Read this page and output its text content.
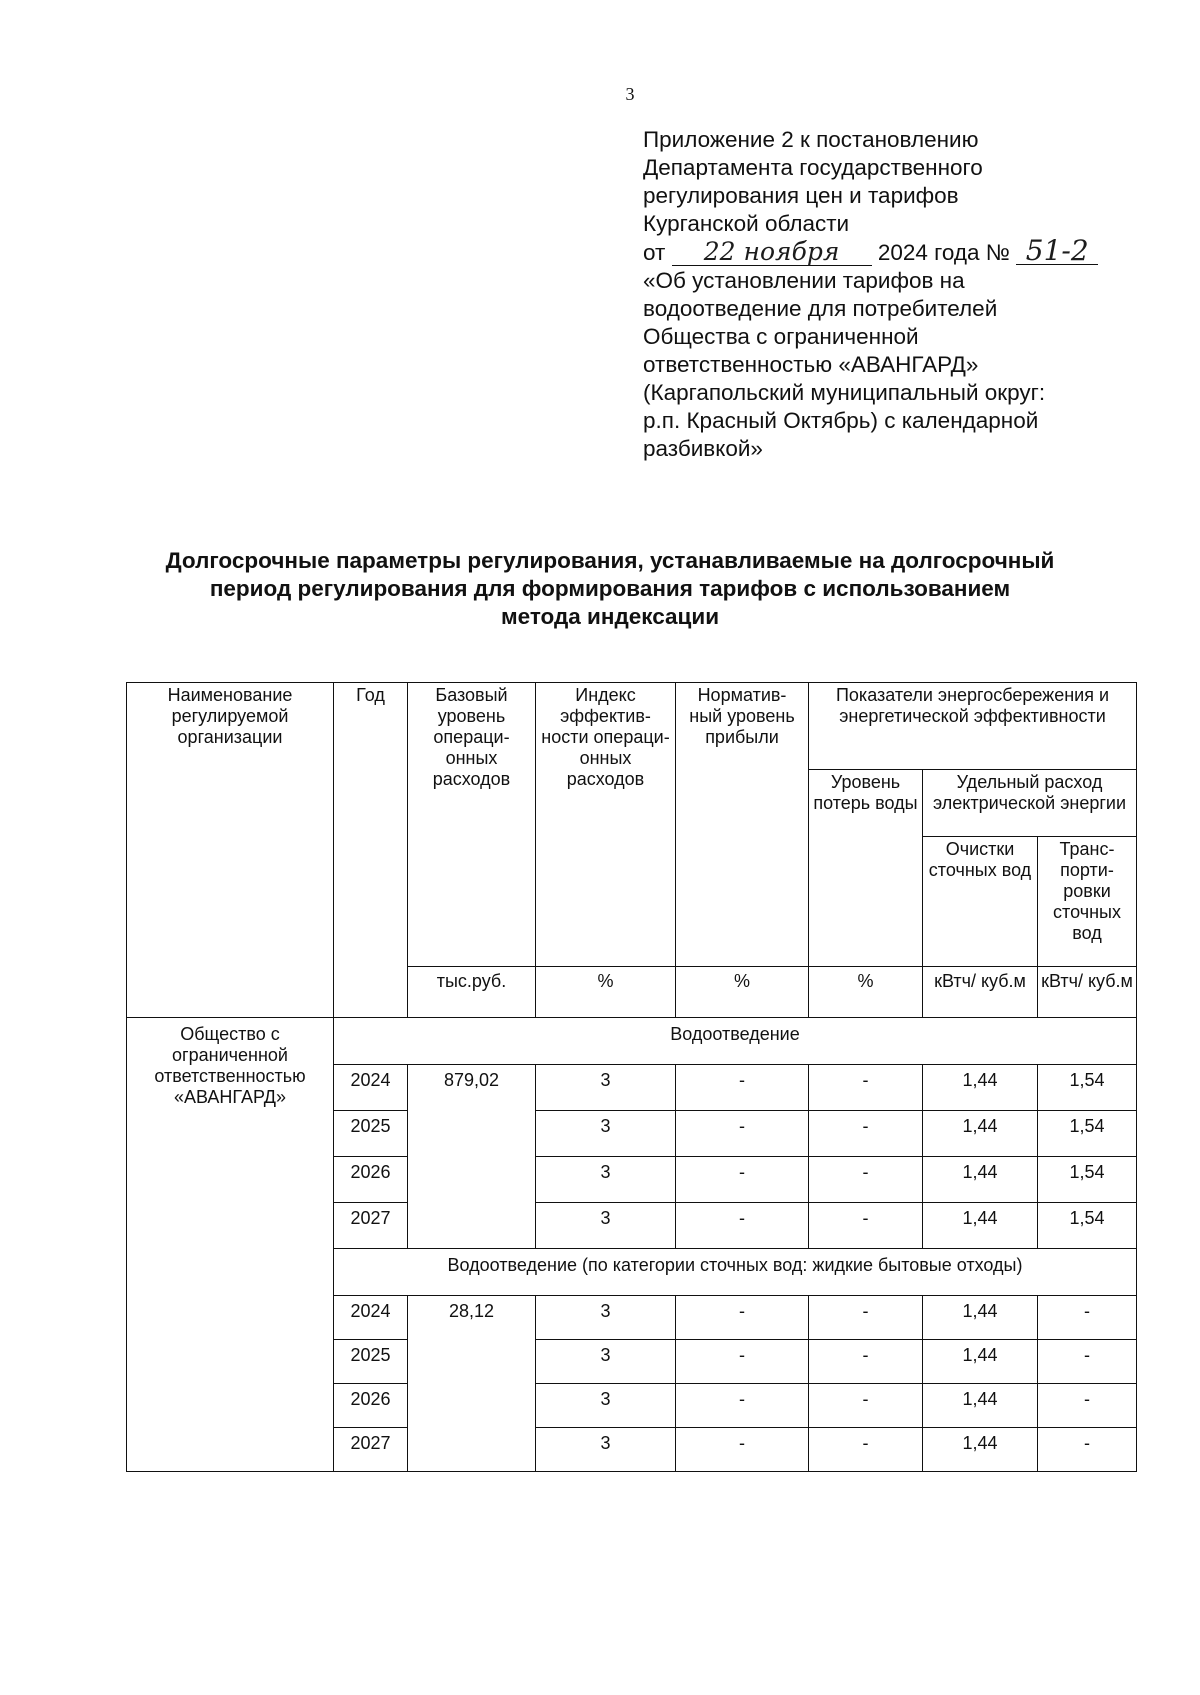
3
Приложение 2 к постановлению
Департамента государственного
регулирования цен и тарифов
Курганской области
от 22 ноября 2024 года № 51-2
«Об установлении тарифов на
водоотведение для потребителей
Общества с ограниченной
ответственностью «АВАНГАРД»
(Каргапольский муниципальный округ:
р.п. Красный Октябрь) с календарной
разбивкой»
Долгосрочные параметры регулирования, устанавливаемые на долгосрочный
период регулирования для формирования тарифов с использованием
метода индексации
Наименование регулируемой организации	Год	Базовый уровень операци- онных расходов	Индекс эффектив- ности операци- онных расходов	Норматив- ный уровень прибыли	Показатели энергосбережения и энергетической эффективности		
					Уровень потерь воды	Удельный расход электрической энергии	
						Очистки сточных вод	Транс- порти- ровки сточных вод
		тыс.руб.	%	%	%	кВтч/ куб.м	кВтч/ куб.м
Общество с ограниченной ответственностью «АВАНГАРД»	Водоотведение						
	2024	879,02	3	-	-	1,44	1,54
	2025		3	-	-	1,44	1,54
	2026		3	-	-	1,44	1,54
	2027		3	-	-	1,44	1,54
	Водоотведение (по категории сточных вод: жидкие бытовые отходы)						
	2024	28,12	3	-	-	1,44	-
	2025		3	-	-	1,44	-
	2026		3	-	-	1,44	-
	2027		3	-	-	1,44	-
